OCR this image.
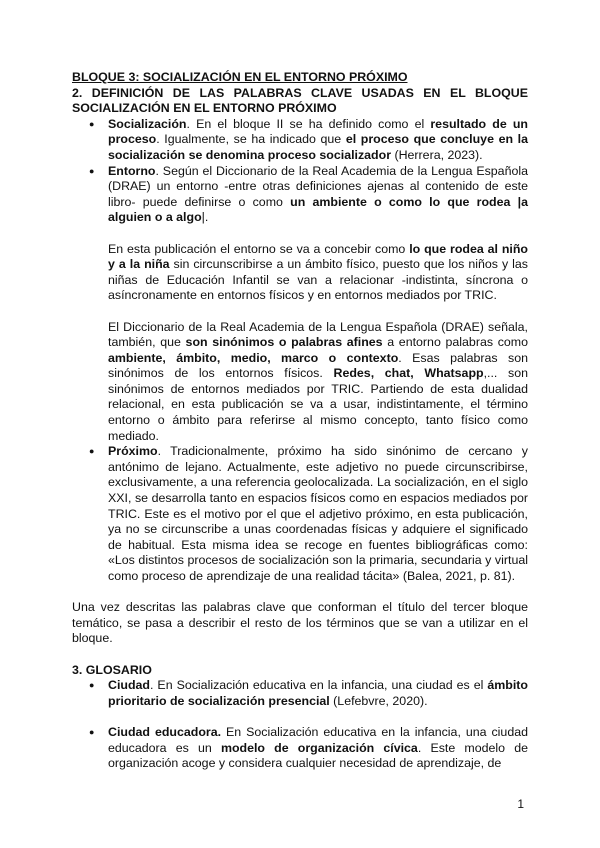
BLOQUE 3: SOCIALIZACIÓN EN EL ENTORNO PRÓXIMO

2. DEFINICIÓN DE LAS PALABRAS CLAVE USADAS EN EL BLOQUE SOCIALIZACIÓN EN EL ENTORNO PRÓXIMO

● Socialización. En el bloque II se ha definido como el resultado de un proceso. Igualmente, se ha indicado que el proceso que concluye en la socialización se denomina proceso socializador (Herrera, 2023).

● Entorno. Según el Diccionario de la Real Academia de la Lengua Española (DRAE) un entorno -entre otras definiciones ajenas al contenido de este libro- puede definirse o como un ambiente o como lo que rodea |a alguien o a algo|.

En esta publicación el entorno se va a concebir como lo que rodea al niño y a la niña sin circunscribirse a un ámbito físico, puesto que los niños y las niñas de Educación Infantil se van a relacionar -indistinta, síncrona o asíncronamente en entornos físicos y en entornos mediados por TRIC.

El Diccionario de la Real Academia de la Lengua Española (DRAE) señala, también, que son sinónimos o palabras afines a entorno palabras como ambiente, ámbito, medio, marco o contexto. Esas palabras son sinónimos de los entornos físicos. Redes, chat, Whatsapp,... son sinónimos de entornos mediados por TRIC. Partiendo de esta dualidad relacional, en esta publicación se va a usar, indistintamente, el término entorno o ámbito para referirse al mismo concepto, tanto físico como mediado.

● Próximo. Tradicionalmente, próximo ha sido sinónimo de cercano y antónimo de lejano. Actualmente, este adjetivo no puede circunscribirse, exclusivamente, a una referencia geolocalizada. La socialización, en el siglo XXI, se desarrolla tanto en espacios físicos como en espacios mediados por TRIC. Este es el motivo por el que el adjetivo próximo, en esta publicación, ya no se circunscribe a unas coordenadas físicas y adquiere el significado de habitual. Esta misma idea se recoge en fuentes bibliográficas como: «Los distintos procesos de socialización son la primaria, secundaria y virtual como proceso de aprendizaje de una realidad tácita» (Balea, 2021, p. 81).

Una vez descritas las palabras clave que conforman el título del tercer bloque temático, se pasa a describir el resto de los términos que se van a utilizar en el bloque.

3. GLOSARIO

● Ciudad. En Socialización educativa en la infancia, una ciudad es el ámbito prioritario de socialización presencial (Lefebvre, 2020).
● Ciudad educadora. En Socialización educativa en la infancia, una ciudad educadora es un modelo de organización cívica. Este modelo de organización acoge y considera cualquier necesidad de aprendizaje, de
1
